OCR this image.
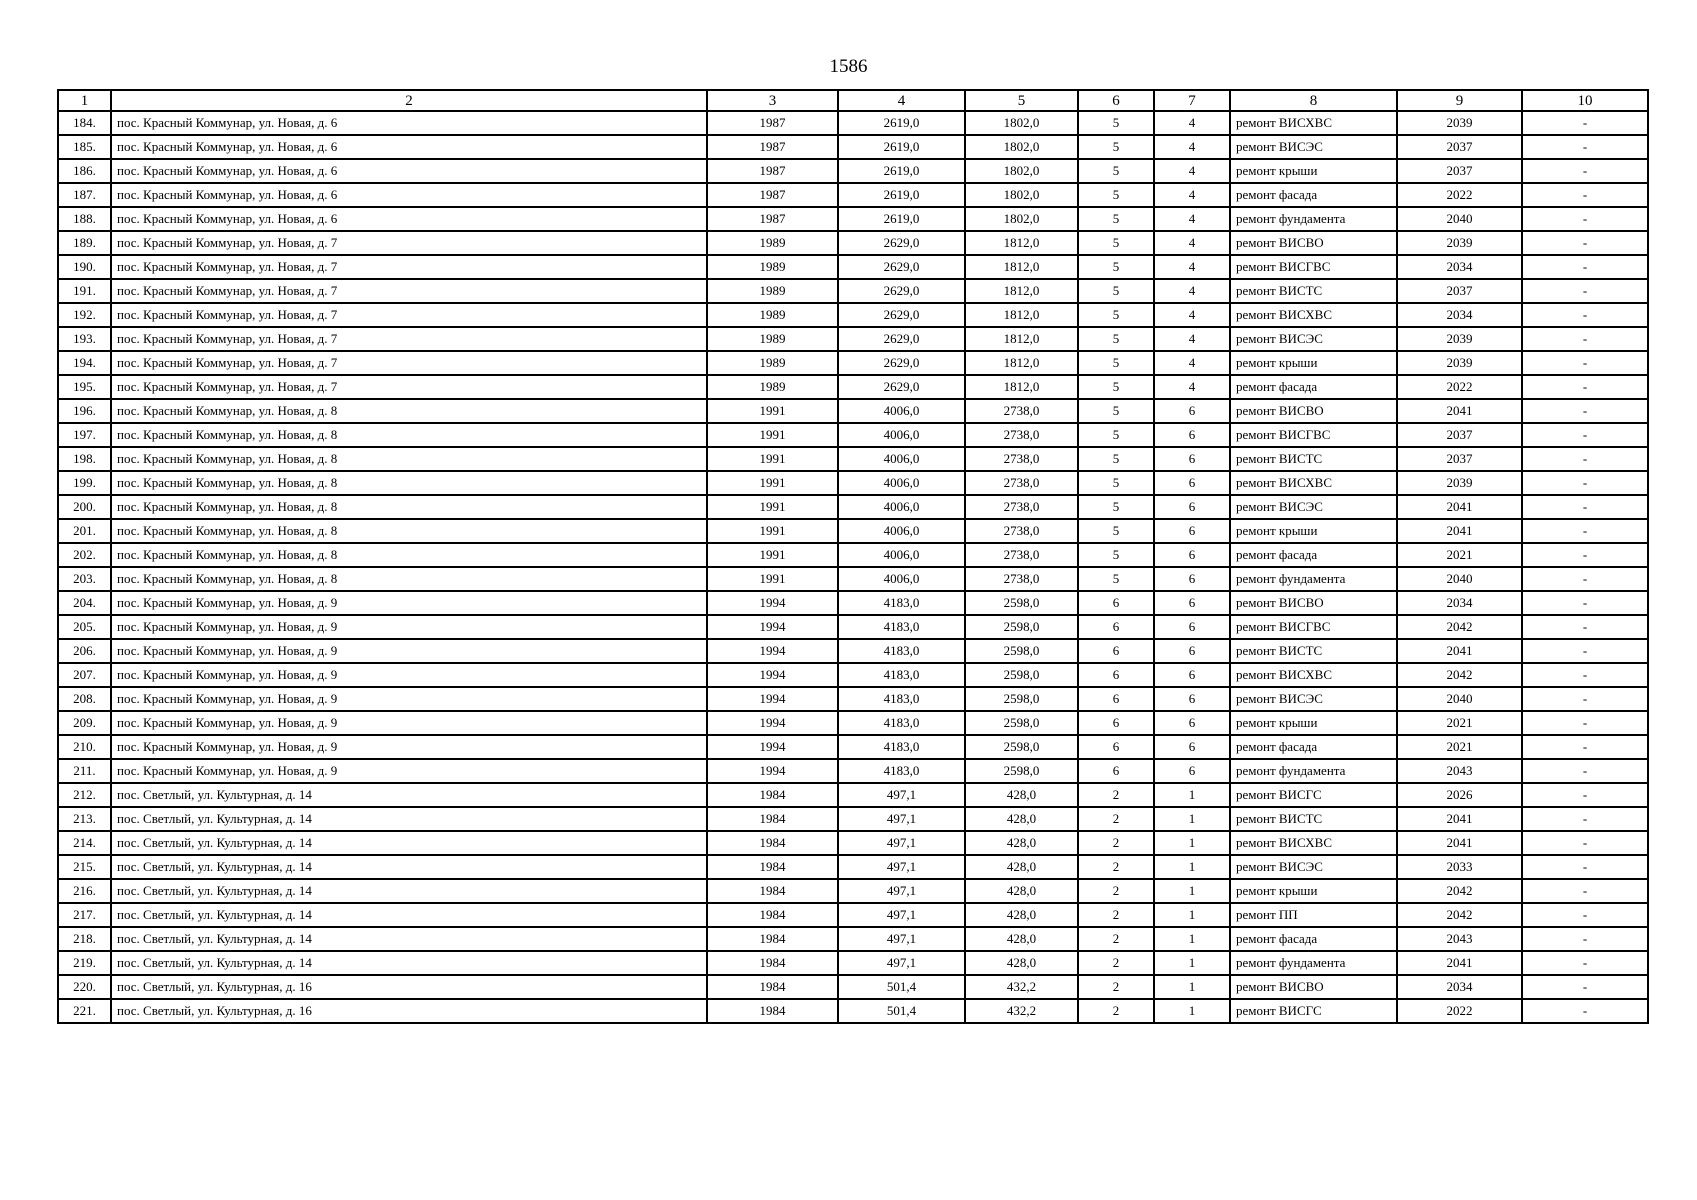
1586
1	2	3	4	5	6	7	8	9	10
184.	пос. Красный Коммунар, ул. Новая, д. 6	1987	2619,0	1802,0	5	4	ремонт ВИСХВС	2039	-
185.	пос. Красный Коммунар, ул. Новая, д. 6	1987	2619,0	1802,0	5	4	ремонт ВИСЭС	2037	-
186.	пос. Красный Коммунар, ул. Новая, д. 6	1987	2619,0	1802,0	5	4	ремонт крыши	2037	-
187.	пос. Красный Коммунар, ул. Новая, д. 6	1987	2619,0	1802,0	5	4	ремонт фасада	2022	-
188.	пос. Красный Коммунар, ул. Новая, д. 6	1987	2619,0	1802,0	5	4	ремонт фундамента	2040	-
189.	пос. Красный Коммунар, ул. Новая, д. 7	1989	2629,0	1812,0	5	4	ремонт ВИСВО	2039	-
190.	пос. Красный Коммунар, ул. Новая, д. 7	1989	2629,0	1812,0	5	4	ремонт ВИСГВС	2034	-
191.	пос. Красный Коммунар, ул. Новая, д. 7	1989	2629,0	1812,0	5	4	ремонт ВИСТС	2037	-
192.	пос. Красный Коммунар, ул. Новая, д. 7	1989	2629,0	1812,0	5	4	ремонт ВИСХВС	2034	-
193.	пос. Красный Коммунар, ул. Новая, д. 7	1989	2629,0	1812,0	5	4	ремонт ВИСЭС	2039	-
194.	пос. Красный Коммунар, ул. Новая, д. 7	1989	2629,0	1812,0	5	4	ремонт крыши	2039	-
195.	пос. Красный Коммунар, ул. Новая, д. 7	1989	2629,0	1812,0	5	4	ремонт фасада	2022	-
196.	пос. Красный Коммунар, ул. Новая, д. 8	1991	4006,0	2738,0	5	6	ремонт ВИСВО	2041	-
197.	пос. Красный Коммунар, ул. Новая, д. 8	1991	4006,0	2738,0	5	6	ремонт ВИСГВС	2037	-
198.	пос. Красный Коммунар, ул. Новая, д. 8	1991	4006,0	2738,0	5	6	ремонт ВИСТС	2037	-
199.	пос. Красный Коммунар, ул. Новая, д. 8	1991	4006,0	2738,0	5	6	ремонт ВИСХВС	2039	-
200.	пос. Красный Коммунар, ул. Новая, д. 8	1991	4006,0	2738,0	5	6	ремонт ВИСЭС	2041	-
201.	пос. Красный Коммунар, ул. Новая, д. 8	1991	4006,0	2738,0	5	6	ремонт крыши	2041	-
202.	пос. Красный Коммунар, ул. Новая, д. 8	1991	4006,0	2738,0	5	6	ремонт фасада	2021	-
203.	пос. Красный Коммунар, ул. Новая, д. 8	1991	4006,0	2738,0	5	6	ремонт фундамента	2040	-
204.	пос. Красный Коммунар, ул. Новая, д. 9	1994	4183,0	2598,0	6	6	ремонт ВИСВО	2034	-
205.	пос. Красный Коммунар, ул. Новая, д. 9	1994	4183,0	2598,0	6	6	ремонт ВИСГВС	2042	-
206.	пос. Красный Коммунар, ул. Новая, д. 9	1994	4183,0	2598,0	6	6	ремонт ВИСТС	2041	-
207.	пос. Красный Коммунар, ул. Новая, д. 9	1994	4183,0	2598,0	6	6	ремонт ВИСХВС	2042	-
208.	пос. Красный Коммунар, ул. Новая, д. 9	1994	4183,0	2598,0	6	6	ремонт ВИСЭС	2040	-
209.	пос. Красный Коммунар, ул. Новая, д. 9	1994	4183,0	2598,0	6	6	ремонт крыши	2021	-
210.	пос. Красный Коммунар, ул. Новая, д. 9	1994	4183,0	2598,0	6	6	ремонт фасада	2021	-
211.	пос. Красный Коммунар, ул. Новая, д. 9	1994	4183,0	2598,0	6	6	ремонт фундамента	2043	-
212.	пос. Светлый, ул. Культурная, д. 14	1984	497,1	428,0	2	1	ремонт ВИСГС	2026	-
213.	пос. Светлый, ул. Культурная, д. 14	1984	497,1	428,0	2	1	ремонт ВИСТС	2041	-
214.	пос. Светлый, ул. Культурная, д. 14	1984	497,1	428,0	2	1	ремонт ВИСХВС	2041	-
215.	пос. Светлый, ул. Культурная, д. 14	1984	497,1	428,0	2	1	ремонт ВИСЭС	2033	-
216.	пос. Светлый, ул. Культурная, д. 14	1984	497,1	428,0	2	1	ремонт крыши	2042	-
217.	пос. Светлый, ул. Культурная, д. 14	1984	497,1	428,0	2	1	ремонт ПП	2042	-
218.	пос. Светлый, ул. Культурная, д. 14	1984	497,1	428,0	2	1	ремонт фасада	2043	-
219.	пос. Светлый, ул. Культурная, д. 14	1984	497,1	428,0	2	1	ремонт фундамента	2041	-
220.	пос. Светлый, ул. Культурная, д. 16	1984	501,4	432,2	2	1	ремонт ВИСВО	2034	-
221.	пос. Светлый, ул. Культурная, д. 16	1984	501,4	432,2	2	1	ремонт ВИСГС	2022	-
